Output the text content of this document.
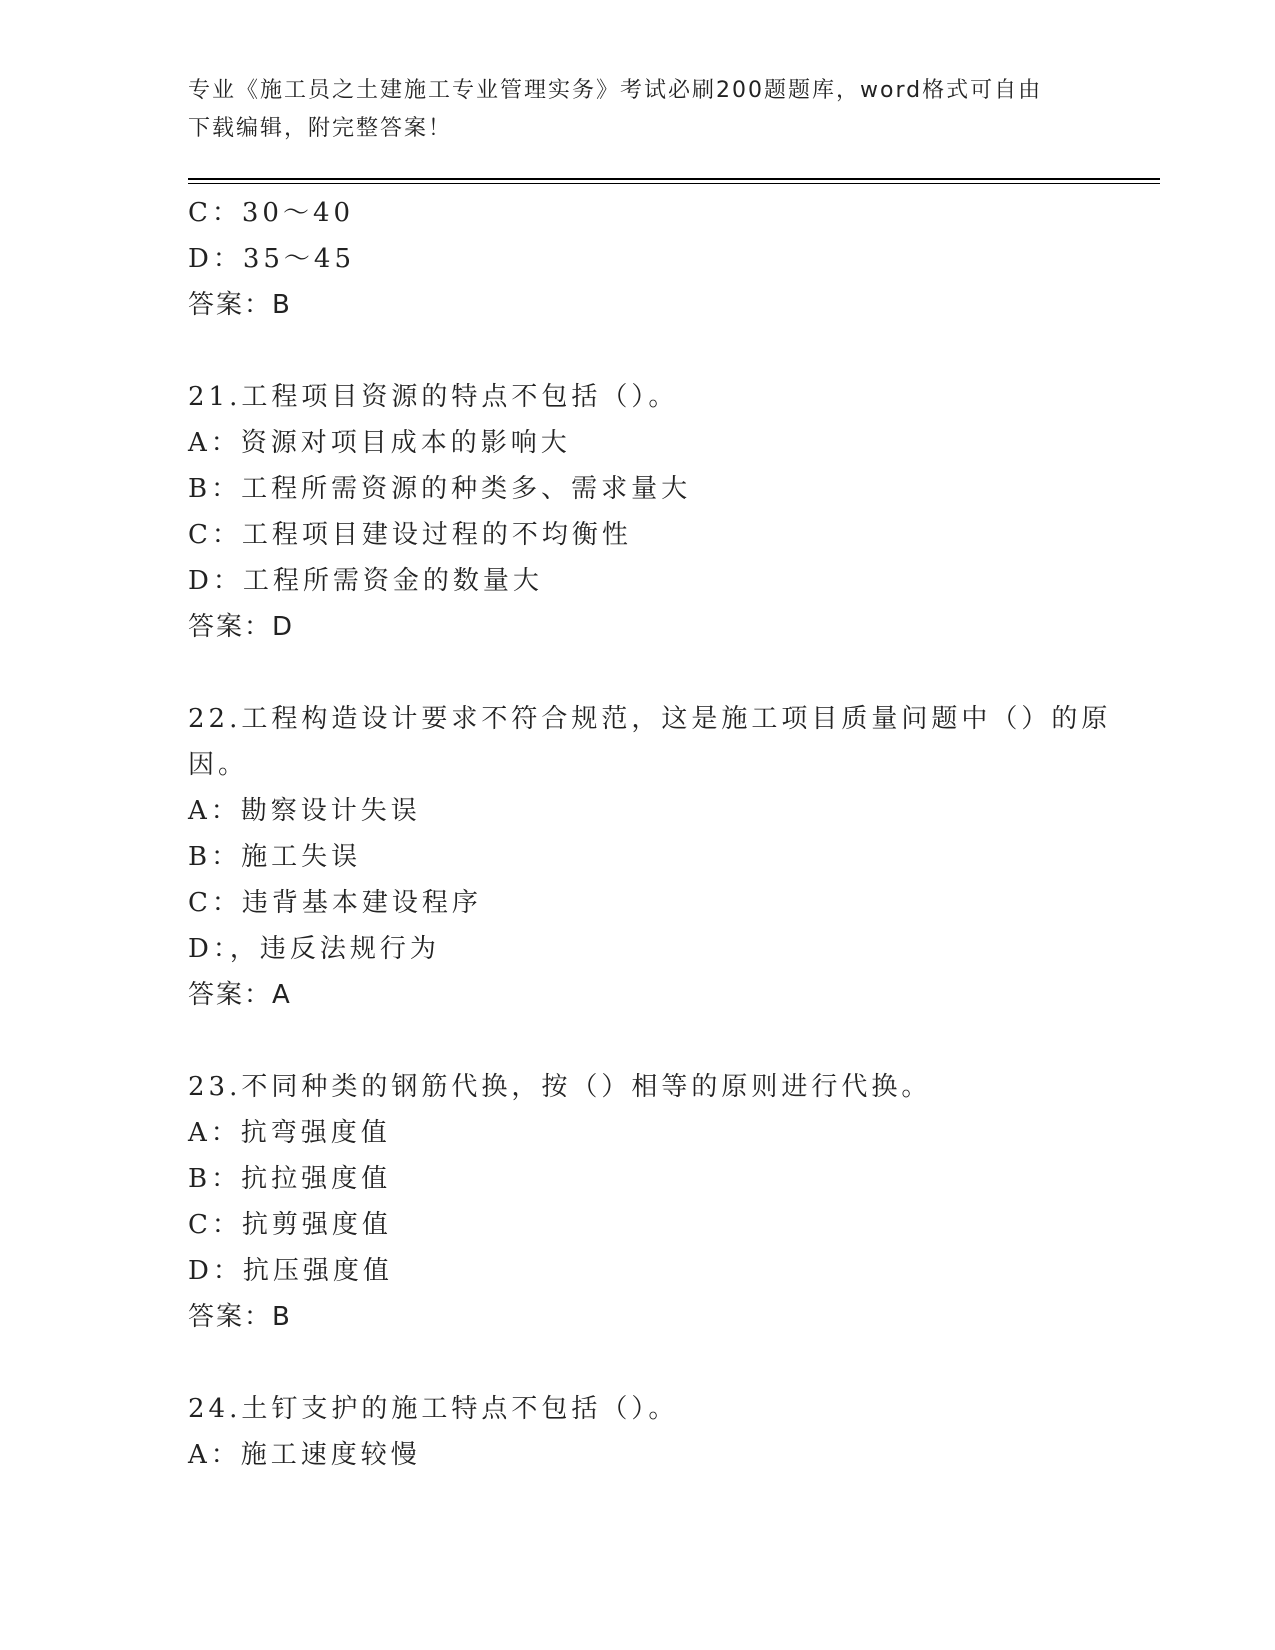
专业《施工员之土建施工专业管理实务》考试必刷200题题库，word格式可自由
下载编辑，附完整答案！
C：30～40
D：35～45
答案：B
21.工程项目资源的特点不包括（）。
A：资源对项目成本的影响大
B：工程所需资源的种类多、需求量大
C：工程项目建设过程的不均衡性
D：工程所需资金的数量大
答案：D
22.工程构造设计要求不符合规范，这是施工项目质量问题中（）的原
因。
A：勘察设计失误
B：施工失误
C：违背基本建设程序
D：，违反法规行为
答案：A
23.不同种类的钢筋代换，按（）相等的原则进行代换。
A：抗弯强度值
B：抗拉强度值
C：抗剪强度值
D：抗压强度值
答案：B
24.土钉支护的施工特点不包括（）。
A：施工速度较慢
